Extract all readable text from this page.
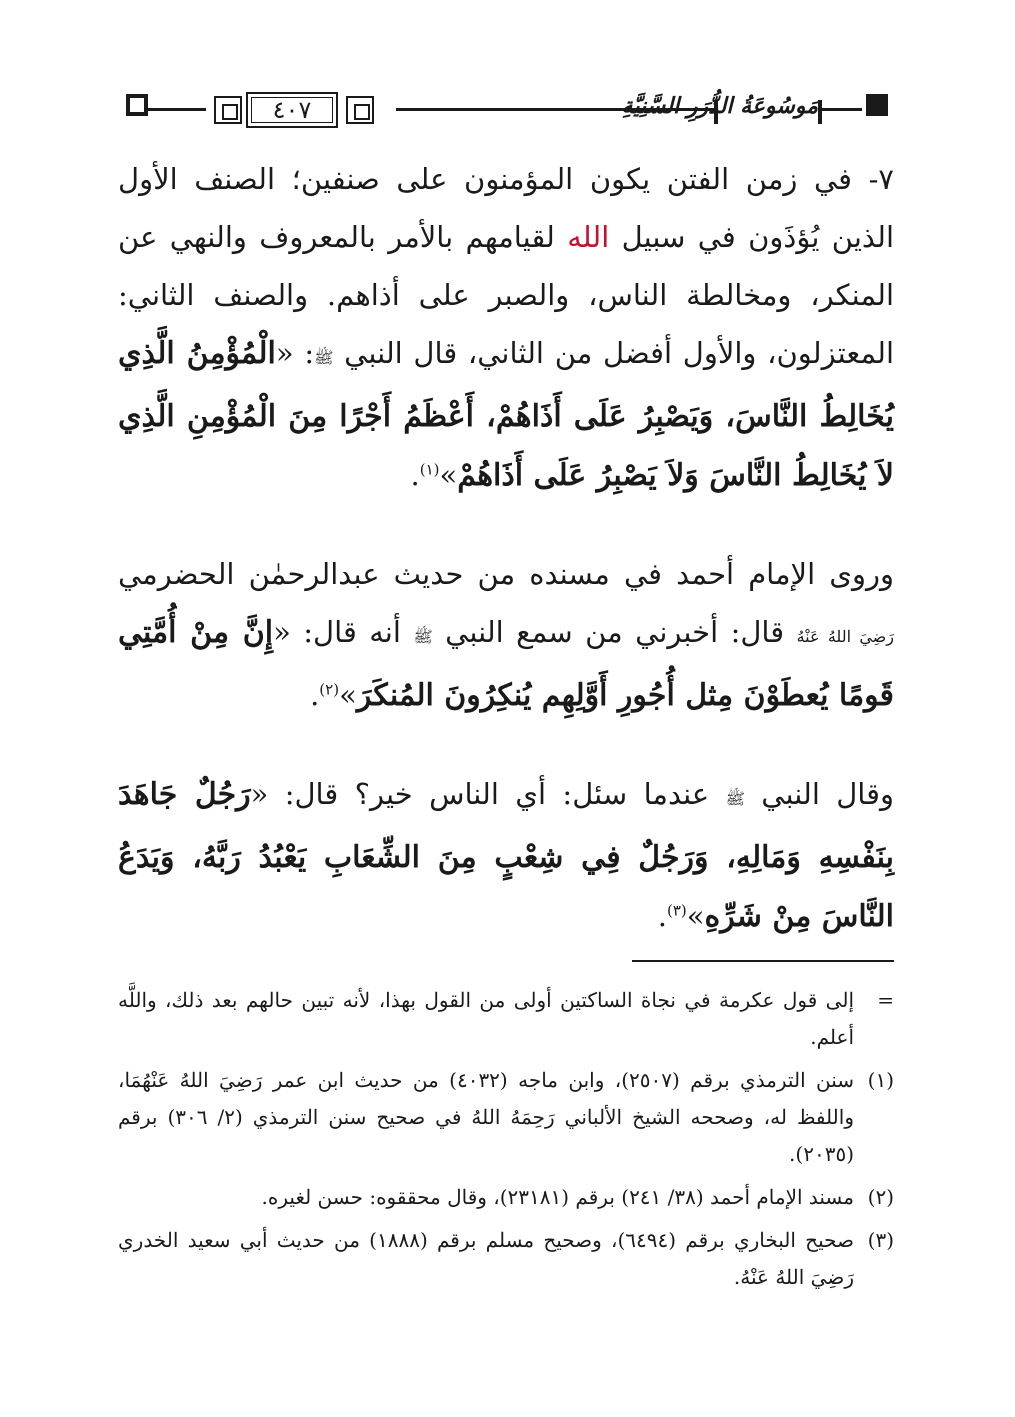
٤٠٧	مَوسُوعَةُ الدُّرَرِ السَّنِيَّةِ

٧- في زمن الفتن يكون المؤمنون على صنفين؛ الصنف الأول الذين يُؤذَون في سبيل الله لقيامهم بالأمر بالمعروف والنهي عن المنكر، ومخالطة الناس، والصبر على أذاهم. والصنف الثاني: المعتزلون، والأول أفضل من الثاني، قال النبي ﷺ: «الْمُؤْمِنُ الَّذِي يُخَالِطُ النَّاسَ، وَيَصْبِرُ عَلَى أَذَاهُمْ، أَعْظَمُ أَجْرًا مِنَ الْمُؤْمِنِ الَّذِي لاَ يُخَالِطُ النَّاسَ وَلاَ يَصْبِرُ عَلَى أَذَاهُمْ»$^{(١)}$.

وروى الإمام أحمد في مسنده من حديث عبدالرحمٰن الحضرمي رَضِيَ اللهُ عَنْهُ قال: أخبرني من سمع النبي ﷺ أنه قال: «إِنَّ مِنْ أُمَّتِي قَومًا يُعطَوْنَ مِثل أُجُورِ أَوَّلِهِم يُنكِرُونَ المُنكَرَ»$^{(٢)}$.

وقال النبي ﷺ عندما سئل: أي الناس خير؟ قال: «رَجُلٌ جَاهَدَ بِنَفْسِهِ وَمَالِهِ، وَرَجُلٌ فِي شِعْبٍ مِنَ الشِّعَابِ يَعْبُدُ رَبَّهُ، وَيَدَعُ النَّاسَ مِنْ شَرِّهِ»$^{(٣)}$.

=
إلى قول عكرمة في نجاة الساكتين أولى من القول بهذا، لأنه تبين حالهم بعد ذلك، واللَّه أعلم.
(١)
سنن الترمذي برقم (٢٥٠٧)، وابن ماجه (٤٠٣٢) من حديث ابن عمر رَضِيَ اللهُ عَنْهُمَا، واللفظ له، وصححه الشيخ الألباني رَحِمَهُ اللهُ في صحيح سنن الترمذي (٢/ ٣٠٦) برقم (٢٠٣٥).
(٢)
مسند الإمام أحمد (٣٨/ ٢٤١) برقم (٢٣١٨١)، وقال محققوه: حسن لغيره.
(٣)
صحيح البخاري برقم (٦٤٩٤)، وصحيح مسلم برقم (١٨٨٨) من حديث أبي سعيد الخدري رَضِيَ اللهُ عَنْهُ.
